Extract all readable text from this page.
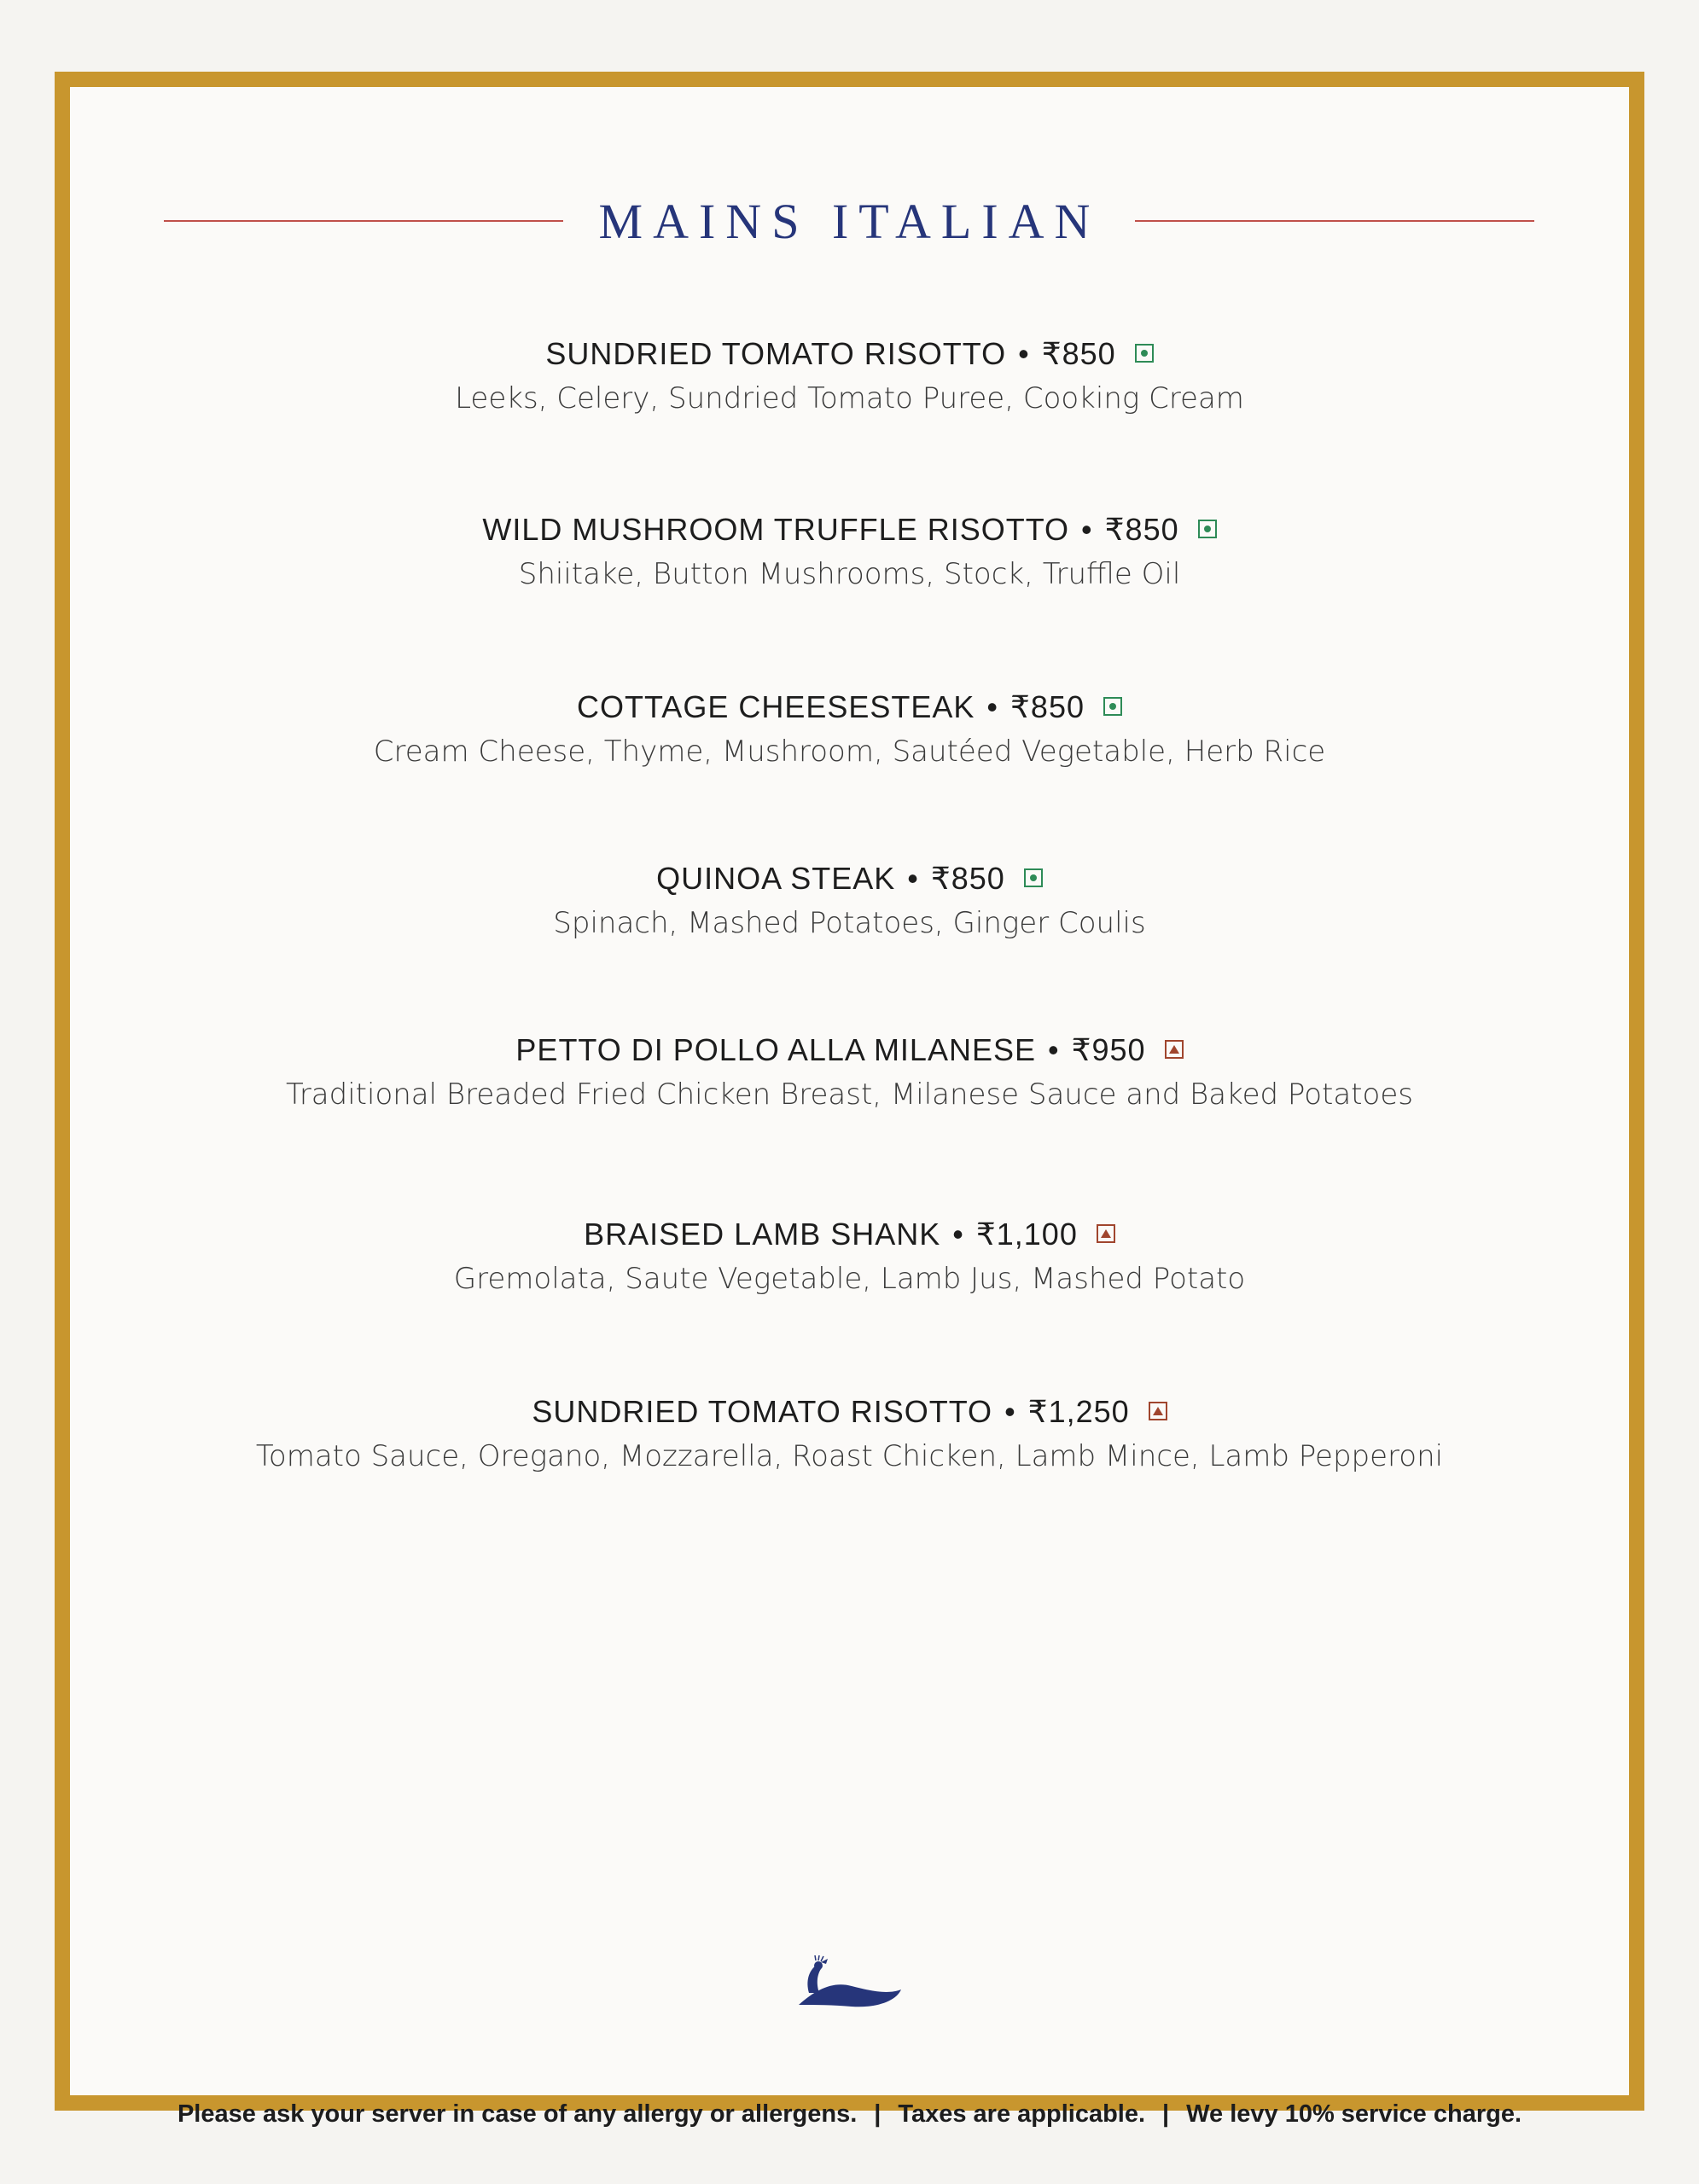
MAINS ITALIAN
SUNDRIED TOMATO RISOTTO • ₹850
Leeks, Celery, Sundried Tomato Puree, Cooking Cream
WILD MUSHROOM TRUFFLE RISOTTO • ₹850
Shiitake, Button Mushrooms, Stock, Truffle Oil
COTTAGE CHEESESTEAK • ₹850
Cream Cheese, Thyme, Mushroom, Sautéed Vegetable, Herb Rice
QUINOA STEAK • ₹850
Spinach, Mashed Potatoes, Ginger Coulis
PETTO DI POLLO ALLA MILANESE • ₹950
Traditional Breaded Fried Chicken Breast, Milanese Sauce and Baked Potatoes
BRAISED LAMB SHANK • ₹1,100
Gremolata, Saute Vegetable, Lamb Jus, Mashed Potato
SUNDRIED TOMATO RISOTTO • ₹1,250
Tomato Sauce, Oregano, Mozzarella, Roast Chicken, Lamb Mince, Lamb Pepperoni
Please ask your server in case of any allergy or allergens. | Taxes are applicable. | We levy 10% service charge.
